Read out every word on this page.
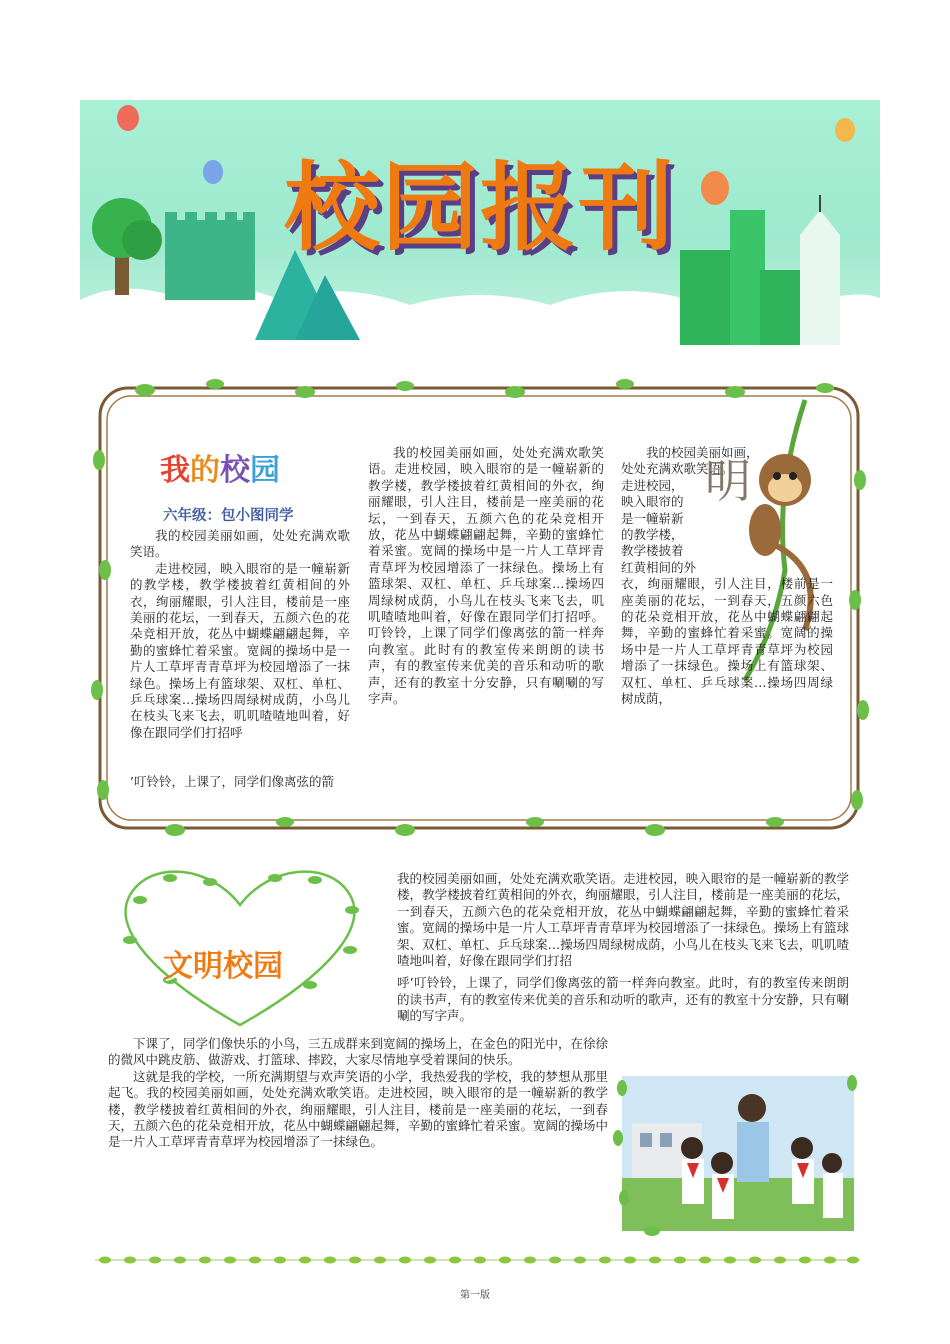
校园报刊
我的校园
六年级：包小图同学

我的校园美丽如画，处处充满欢歌笑语。

走进校园，映入眼帘的是一幢崭新的教学楼，教学楼披着红黄相间的外衣，绚丽耀眼，引人注目，楼前是一座美丽的花坛，一到春天，五颜六色的花朵竞相开放，花丛中蝴蝶翩翩起舞，辛勤的蜜蜂忙着采蜜。宽阔的操场中是一片人工草坪青青草坪为校园增添了一抹绿色。操场上有篮球架、双杠、单杠、乒乓球案…操场四周绿树成荫，小鸟儿在枝头飞来飞去，叽叽喳喳地叫着，好像在跟同学们打招呼

’叮铃铃，上课了，同学们像离弦的箭

我的校园美丽如画，处处充满欢歌笑语。走进校园，映入眼帘的是一幢崭新的教学楼，教学楼披着红黄相间的外衣，绚丽耀眼，引人注目，楼前是一座美丽的花坛，一到春天，五颜六色的花朵竞相开放，花丛中蝴蝶翩翩起舞，辛勤的蜜蜂忙着采蜜。宽阔的操场中是一片人工草坪青青草坪为校园增添了一抹绿色。操场上有篮球架、双杠、单杠、乒乓球案…操场四周绿树成荫，小鸟儿在枝头飞来飞去，叽叽喳喳地叫着，好像在跟同学们打招呼。叮铃铃，上课了同学们像离弦的箭一样奔向教室。此时有的教室传来朗朗的读书声，有的教室传来优美的音乐和动听的歌声，还有的教室十分安静，只有唰唰的写字声。

我的校园美丽如画，
处处充满欢歌笑语。
走进校园，
映入眼帘的
是一幢崭新
的教学楼，
教学楼披着
红黄相间的外

衣，绚丽耀眼，引人注目，楼前是一座美丽的花坛，一到春天，五颜六色的花朵竞相开放，花丛中蝴蝶翩翩起舞，辛勤的蜜蜂忙着采蜜。宽阔的操场中是一片人工草坪青青草坪为校园增添了一抹绿色。操场上有篮球架、双杠、单杠、乒乓球案…操场四周绿树成荫，

明
文明校园

我的校园美丽如画，处处充满欢歌笑语。走进校园，映入眼帘的是一幢崭新的教学楼，教学楼披着红黄相间的外衣，绚丽耀眼，引人注目，楼前是一座美丽的花坛，一到春天，五颜六色的花朵竞相开放，花丛中蝴蝶翩翩起舞，辛勤的蜜蜂忙着采蜜。宽阔的操场中是一片人工草坪青青草坪为校园增添了一抹绿色。操场上有篮球架、双杠、单杠、乒乓球案…操场四周绿树成荫，小鸟儿在枝头飞来飞去，叽叽喳喳地叫着，好像在跟同学们打招

呼’叮铃铃，上课了，同学们像离弦的箭一样奔向教室。此时，有的教室传来朗朗的读书声，有的教室传来优美的音乐和动听的歌声，还有的教室十分安静，只有唰唰的写字声。

下课了，同学们像快乐的小鸟，三五成群来到宽阔的操场上，在金色的阳光中，在徐徐的微风中跳皮筋、做游戏、打篮球、摔跤，大家尽情地享受着课间的快乐。

这就是我的学校，一所充满期望与欢声笑语的小学，我热爱我的学校，我的梦想从那里起飞。我的校园美丽如画，处处充满欢歌笑语。走进校园，映入眼帘的是一幢崭新的教学楼，教学楼披着红黄相间的外衣，绚丽耀眼，引人注目，楼前是一座美丽的花坛，一到春天，五颜六色的花朵竞相开放，花丛中蝴蝶翩翩起舞，辛勤的蜜蜂忙着采蜜。宽阔的操场中是一片人工草坪青青草坪为校园增添了一抹绿色。

第一版
